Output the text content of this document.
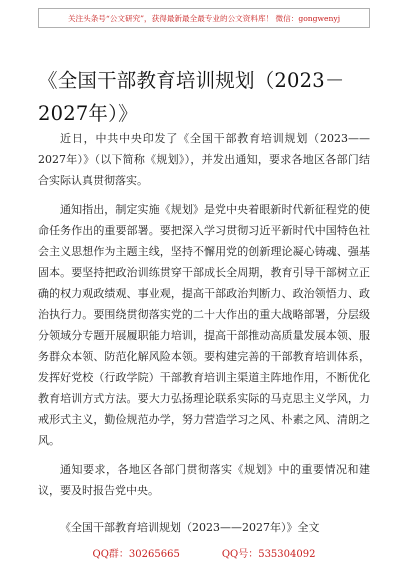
关注头条号“公文研究”，获得最新最全最专业的公文资料库！ 微信：gongwenyj
《全国干部教育培训规划（2023－2027年）》

近日，中共中央印发了《全国干部教育培训规划（2023——2027年）》（以下简称《规划》），并发出通知，要求各地区各部门结合实际认真贯彻落实。

通知指出，制定实施《规划》是党中央着眼新时代新征程党的使命任务作出的重要部署。要把深入学习贯彻习近平新时代中国特色社会主义思想作为主题主线，坚持不懈用党的创新理论凝心铸魂、强基固本。要坚持把政治训练贯穿干部成长全周期，教育引导干部树立正确的权力观政绩观、事业观，提高干部政治判断力、政治领悟力、政治执行力。要围绕贯彻落实党的二十大作出的重大战略部署，分层级分领域分专题开展履职能力培训，提高干部推动高质量发展本领、服务群众本领、防范化解风险本领。要构建完善的干部教育培训体系，发挥好党校（行政学院）干部教育培训主渠道主阵地作用，不断优化教育培训方式方法。要大力弘扬理论联系实际的马克思主义学风，力戒形式主义，勤俭规范办学，努力营造学习之风、朴素之风、清朗之风。

通知要求，各地区各部门贯彻落实《规划》中的重要情况和建议，要及时报告党中央。

《全国干部教育培训规划（2023——2027年）》全文
QQ群：30265665	QQ号：535304092
